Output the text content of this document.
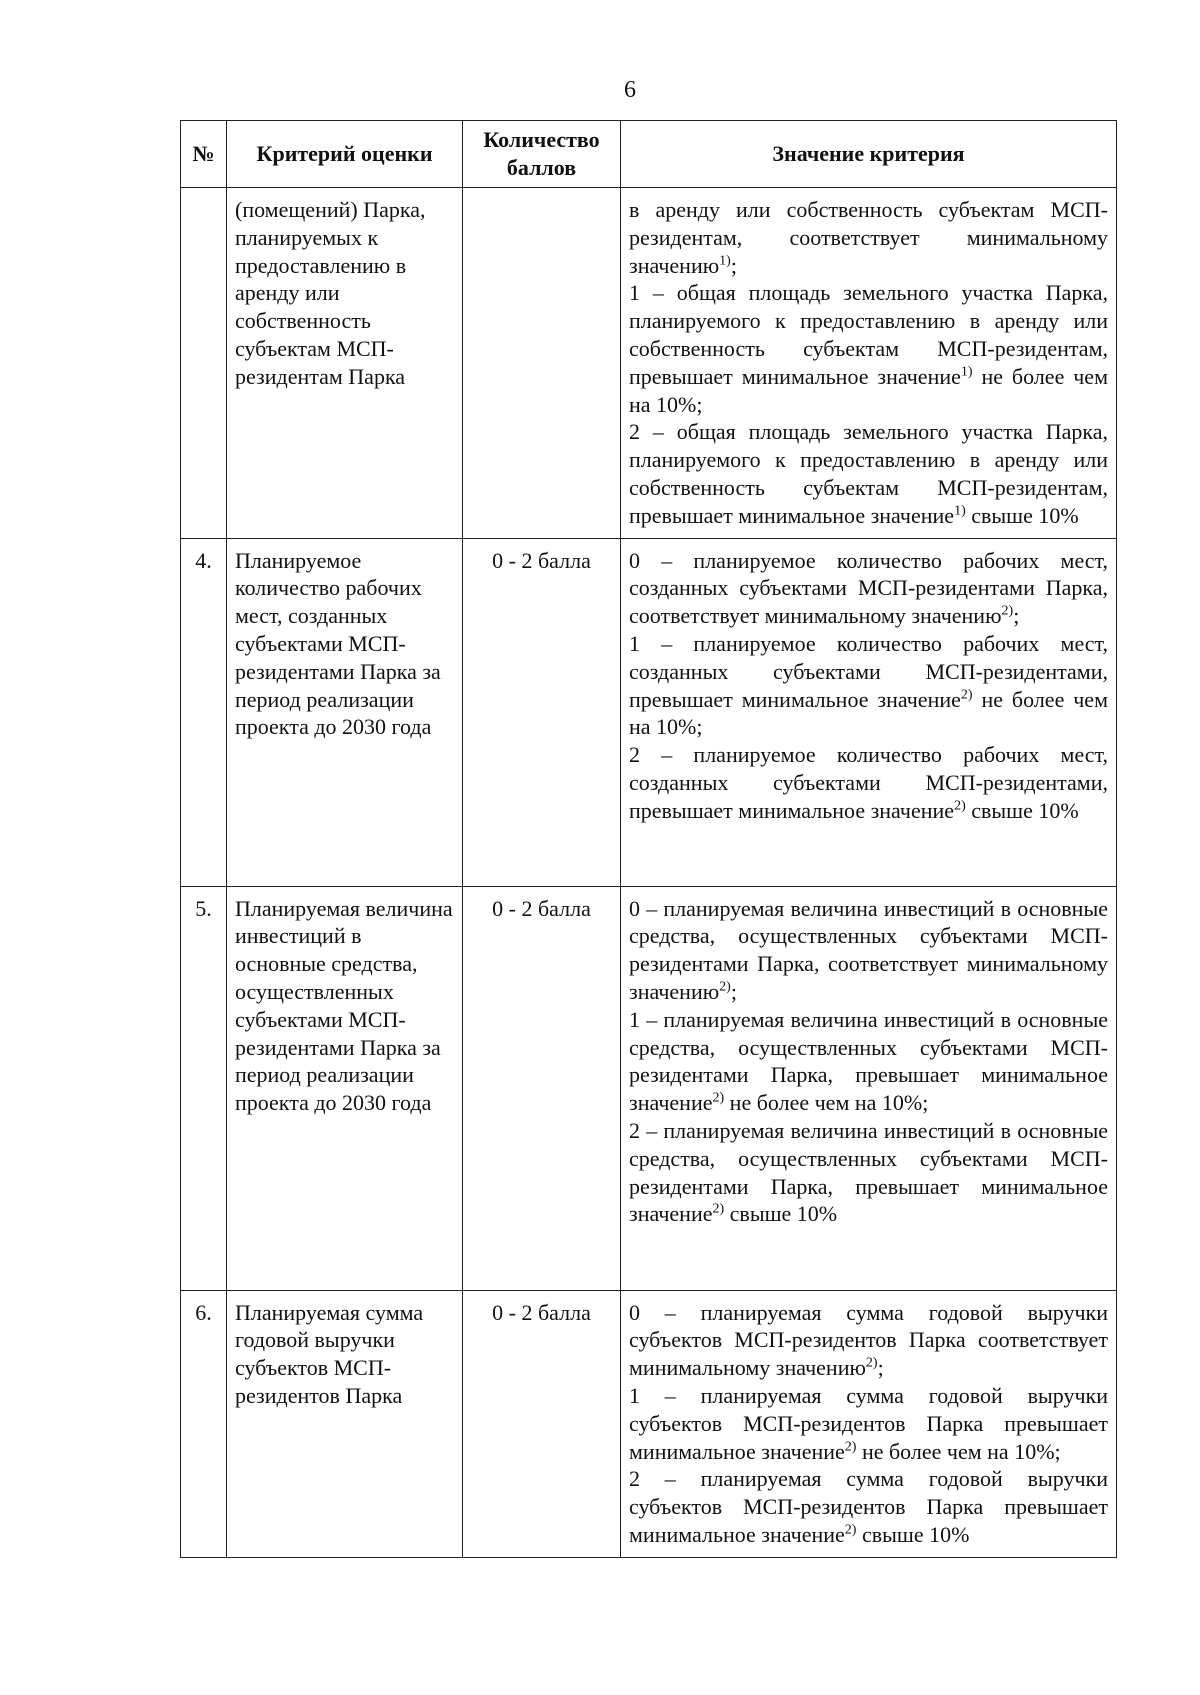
6
№	Критерий оценки	Количество баллов	Значение критерия
	(помещений) Парка, планируемых к предоставлению в аренду или собственность субъектам МСП-резидентам Парка		в аренду или собственность субъектам МСП-резидентам, соответствует минимальному значению$^{1)}$;
1 – общая площадь земельного участка Парка, планируемого к предоставлению в аренду или собственность субъектам МСП-резидентам, превышает минимальное значение$^{1)}$ не более чем на 10%;
2 – общая площадь земельного участка Парка, планируемого к предоставлению в аренду или собственность субъектам МСП-резидентам, превышает минимальное значение$^{1)}$ свыше 10%

4.	Планируемое количество рабочих мест, созданных субъектами МСП-резидентами Парка за период реализации проекта до 2030 года	0 - 2 балла	0 – планируемое количество рабочих мест, созданных субъектами МСП-резидентами Парка, соответствует минимальному значению$^{2)}$;
1 – планируемое количество рабочих мест, созданных субъектами МСП-резидентами, превышает минимальное значение$^{2)}$ не более чем на 10%;
2 – планируемое количество рабочих мест, созданных субъектами МСП-резидентами, превышает минимальное значение$^{2)}$ свыше 10%

5.	Планируемая величина инвестиций в основные средства, осуществленных субъектами МСП-резидентами Парка за период реализации проекта до 2030 года	0 - 2 балла	0 – планируемая величина инвестиций в основные средства, осуществленных субъектами МСП-резидентами Парка, соответствует минимальному значению$^{2)}$;
1 – планируемая величина инвестиций в основные средства, осуществленных субъектами МСП-резидентами Парка, превышает минимальное значение$^{2)}$ не более чем на 10%;
2 – планируемая величина инвестиций в основные средства, осуществленных субъектами МСП-резидентами Парка, превышает минимальное значение$^{2)}$ свыше 10%

6.	Планируемая сумма годовой выручки субъектов МСП-резидентов Парка	0 - 2 балла	0 – планируемая сумма годовой выручки субъектов МСП-резидентов Парка соответствует минимальному значению$^{2)}$;
1 – планируемая сумма годовой выручки субъектов МСП-резидентов Парка превышает минимальное значение$^{2)}$ не более чем на 10%;
2 – планируемая сумма годовой выручки субъектов МСП-резидентов Парка превышает минимальное значение$^{2)}$ свыше 10%
